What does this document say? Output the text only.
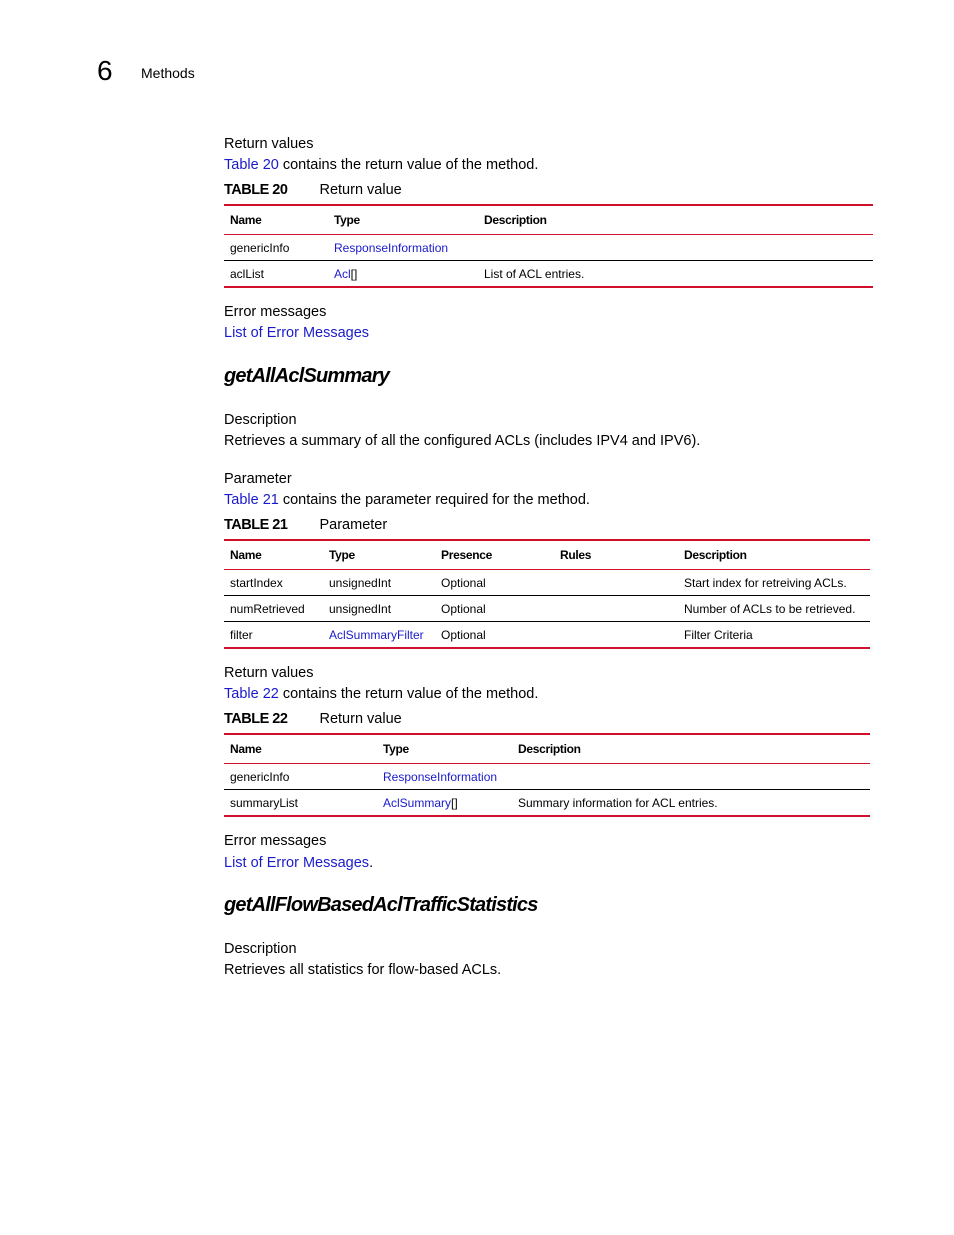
6 Methods
Return values
Table 20 contains the return value of the method.
TABLE 20 Return value
Name	Type	Description
genericInfo	ResponseInformation	
aclList	Acl[]	List of ACL entries.
Error messages
List of Error Messages
getAllAclSummary
Description
Retrieves a summary of all the configured ACLs (includes IPV4 and IPV6).
Parameter
Table 21 contains the parameter required for the method.
TABLE 21 Parameter
Name	Type	Presence	Rules	Description
startIndex	unsignedInt	Optional		Start index for retreiving ACLs.
numRetrieved	unsignedInt	Optional		Number of ACLs to be retrieved.
filter	AclSummaryFilter	Optional		Filter Criteria
Return values
Table 22 contains the return value of the method.
TABLE 22 Return value
Name	Type	Description
genericInfo	ResponseInformation	
summaryList	AclSummary[]	Summary information for ACL entries.
Error messages
List of Error Messages.
getAllFlowBasedAclTrafficStatistics
Description
Retrieves all statistics for flow-based ACLs.
